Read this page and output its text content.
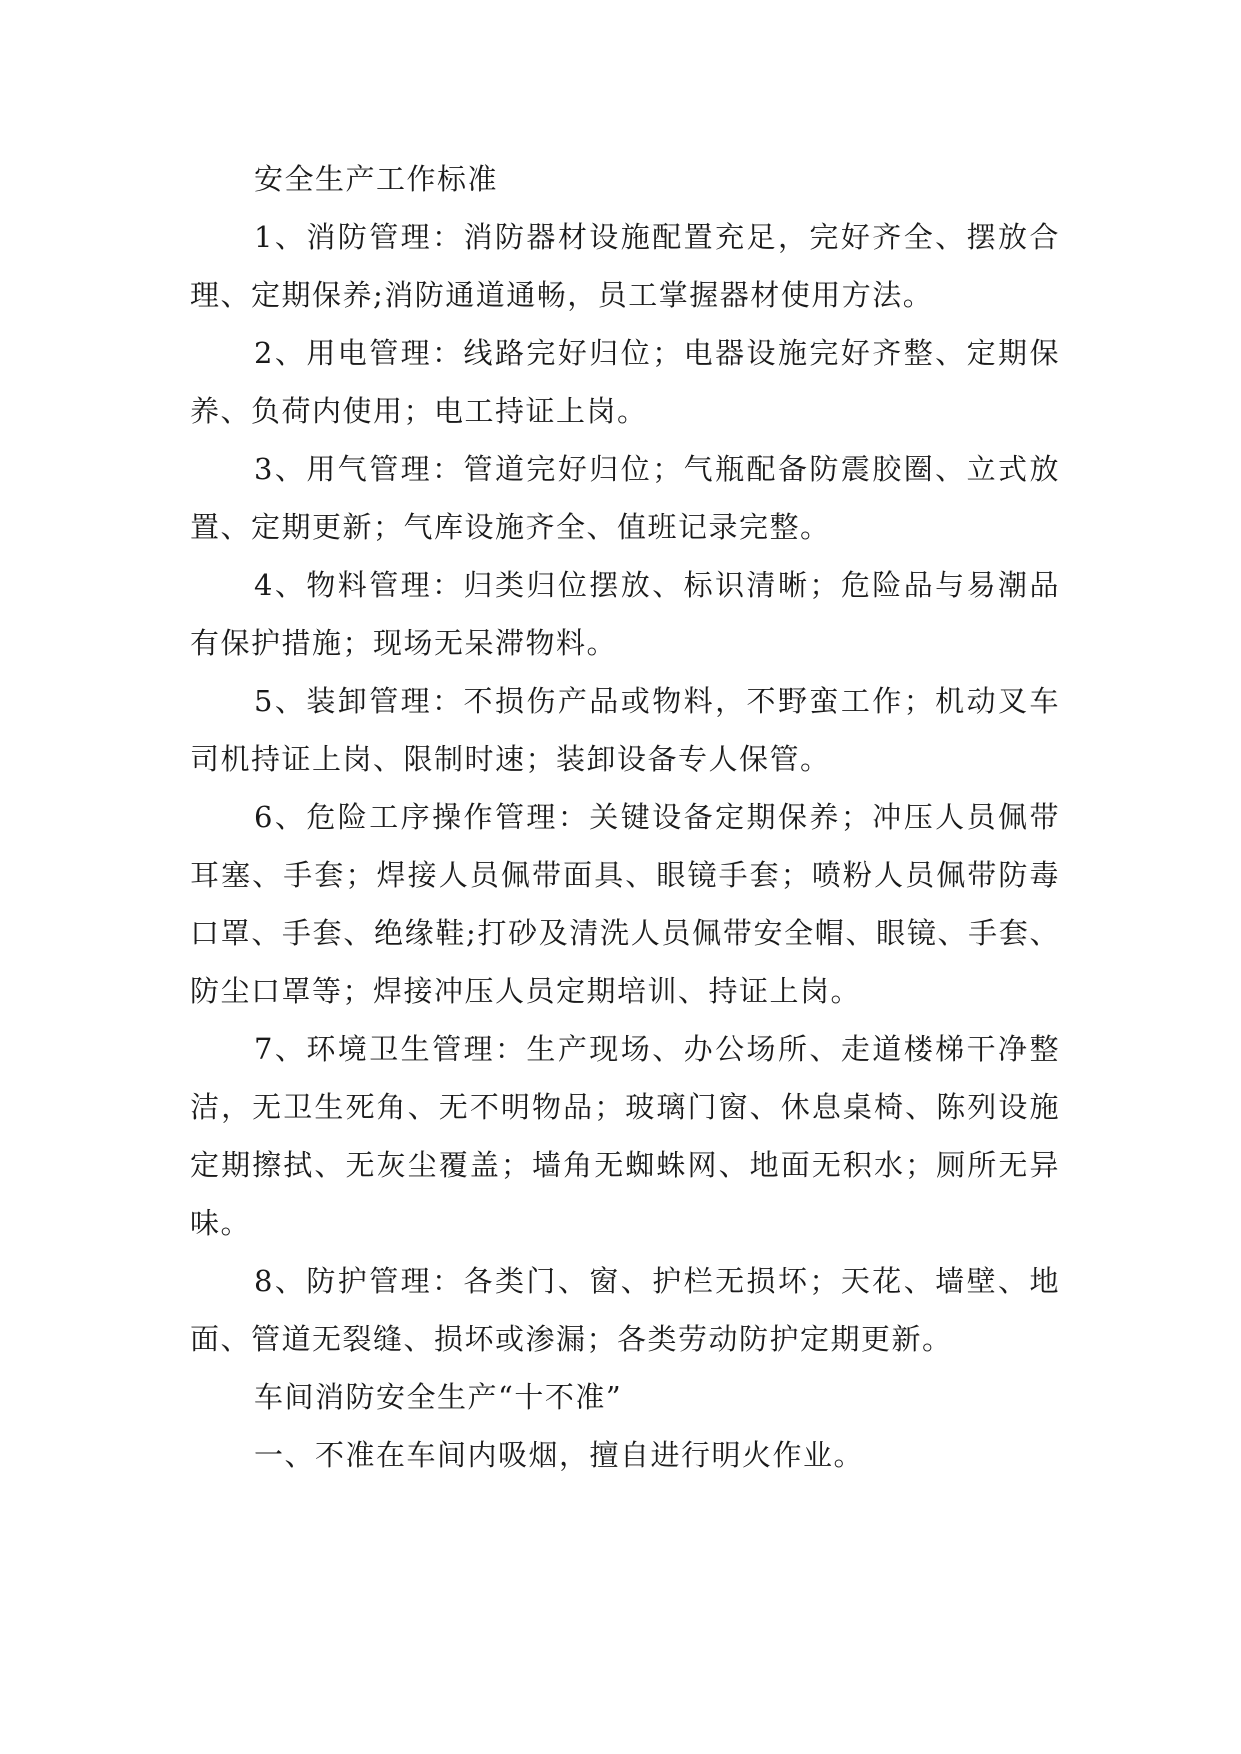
安全生产工作标准

1、消防管理：消防器材设施配置充足，完好齐全、摆放合理、定期保养;消防通道通畅，员工掌握器材使用方法。

2、用电管理：线路完好归位；电器设施完好齐整、定期保养、负荷内使用；电工持证上岗。

3、用气管理：管道完好归位；气瓶配备防震胶圈、立式放置、定期更新；气库设施齐全、值班记录完整。

4、物料管理：归类归位摆放、标识清晰；危险品与易潮品有保护措施；现场无呆滞物料。

5、装卸管理：不损伤产品或物料，不野蛮工作；机动叉车司机持证上岗、限制时速；装卸设备专人保管。

6、危险工序操作管理：关键设备定期保养；冲压人员佩带耳塞、手套；焊接人员佩带面具、眼镜手套；喷粉人员佩带防毒口罩、手套、绝缘鞋;打砂及清洗人员佩带安全帽、眼镜、手套、防尘口罩等；焊接冲压人员定期培训、持证上岗。

7、环境卫生管理：生产现场、办公场所、走道楼梯干净整洁，无卫生死角、无不明物品；玻璃门窗、休息桌椅、陈列设施定期擦拭、无灰尘覆盖；墙角无蜘蛛网、地面无积水；厕所无异味。

8、防护管理：各类门、窗、护栏无损坏；天花、墙壁、地面、管道无裂缝、损坏或渗漏；各类劳动防护定期更新。

车间消防安全生产“十不准”

一、不准在车间内吸烟，擅自进行明火作业。
